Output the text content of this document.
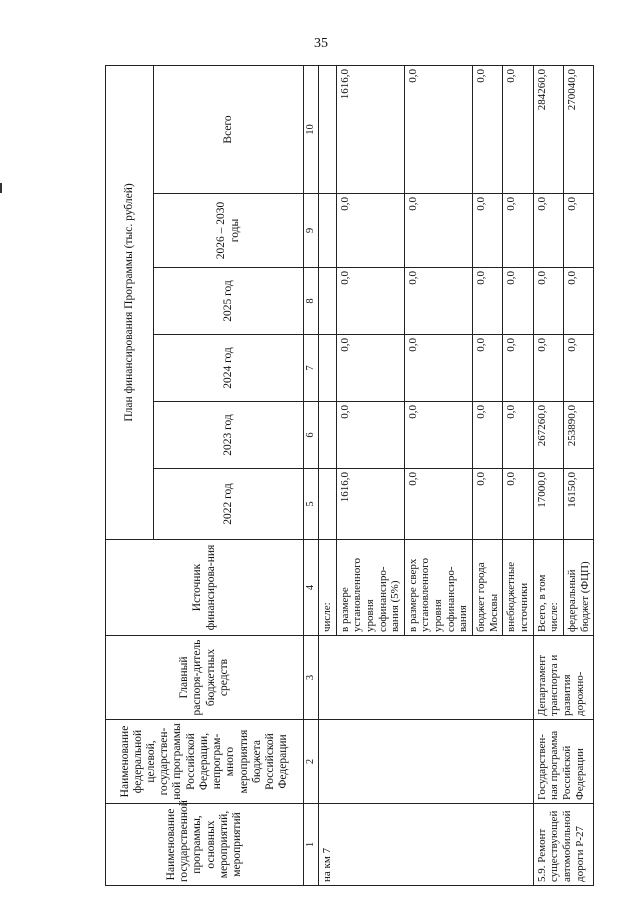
35
Наименование государственной программы, основных мероприятий, мероприятий	Наименование федеральной целевой, государствен-ной программы Российской Федерации, непрограм-много мероприятия бюджета Российской Федерации	Главный распоря-дитель бюджетных средств	Источник финансирова-ния	План финансирования Программы (тыс. рублей)					
				2022 год	2023 год	2024 год	2025 год	2026 – 2030 годы	Всего
1	2	3	4	5	6	7	8	9	10
на км 7			числе:						
			в размере установленного уровня софинансиро-вания (5%)	1616,0	0,0	0,0	0,0	0,0	1616,0
			в размере сверх установленного уровня софинансиро-вания	0,0	0,0	0,0	0,0	0,0	0,0
			бюджет города Москвы	0,0	0,0	0,0	0,0	0,0	0,0
			внебюджетные источники	0,0	0,0	0,0	0,0	0,0	0,0
5.9. Ремонт существующей автомобильной дороги Р-27	Государствен-ная программа Российской Федерации	Департамент транспорта и развития дорожно-	Всего, в том числе:	17000,0	267260,0	0,0	0,0	0,0	284260,0
			федеральный бюджет (ФЦП)	16150,0	253890,0	0,0	0,0	0,0	270040,0
